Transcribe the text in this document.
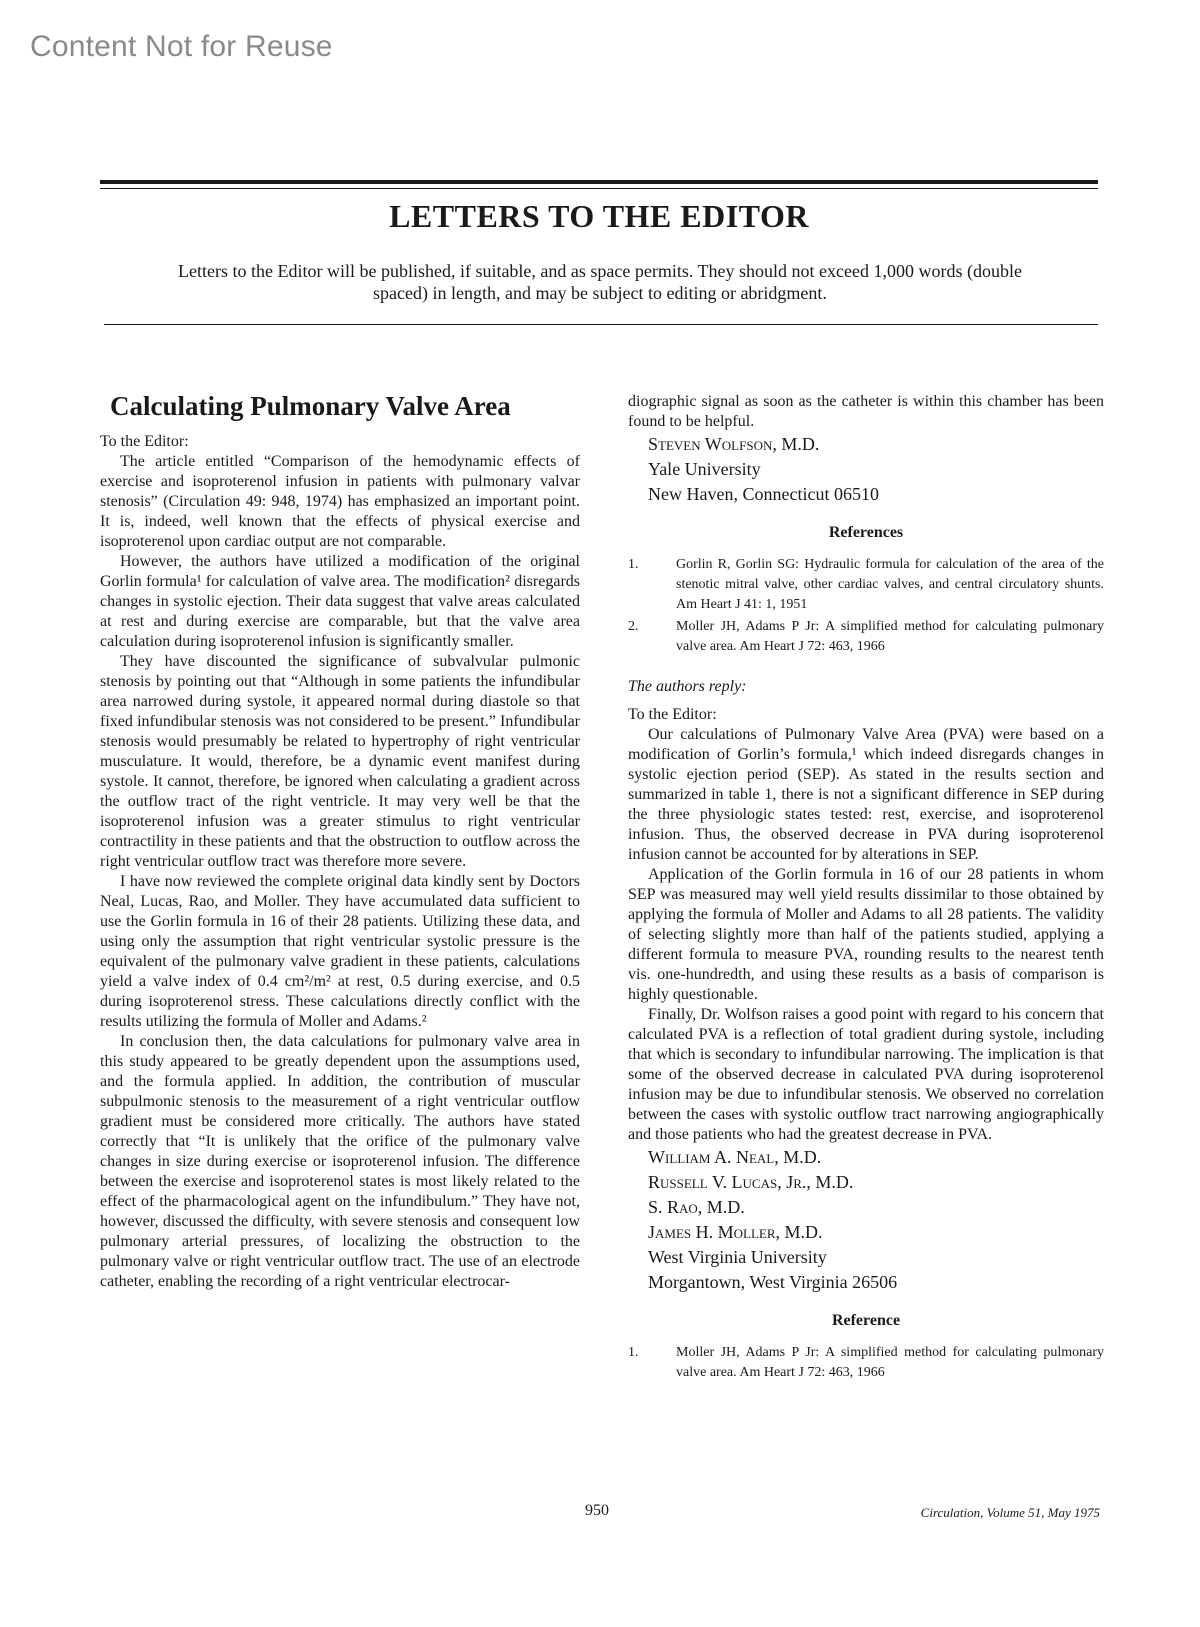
Content Not for Reuse
LETTERS TO THE EDITOR
Letters to the Editor will be published, if suitable, and as space permits. They should not exceed 1,000 words (double spaced) in length, and may be subject to editing or abridgment.
Calculating Pulmonary Valve Area

To the Editor:

The article entitled “Comparison of the hemodynamic effects of exercise and isoproterenol infusion in patients with pulmonary valvar stenosis” (Circulation 49: 948, 1974) has emphasized an important point. It is, indeed, well known that the effects of physical exercise and isoproterenol upon cardiac output are not comparable.

However, the authors have utilized a modification of the original Gorlin formula¹ for calculation of valve area. The modification² disregards changes in systolic ejection. Their data suggest that valve areas calculated at rest and during exercise are comparable, but that the valve area calculation during isoproterenol infusion is significantly smaller.

They have discounted the significance of subvalvular pulmonic stenosis by pointing out that “Although in some patients the infundibular area narrowed during systole, it appeared normal during diastole so that fixed infundibular stenosis was not considered to be present.” Infundibular stenosis would presumably be related to hypertrophy of right ventricular musculature. It would, therefore, be a dynamic event manifest during systole. It cannot, therefore, be ignored when calculating a gradient across the outflow tract of the right ventricle. It may very well be that the isoproterenol infusion was a greater stimulus to right ventricular contractility in these patients and that the obstruction to outflow across the right ventricular outflow tract was therefore more severe.

I have now reviewed the complete original data kindly sent by Doctors Neal, Lucas, Rao, and Moller. They have accumulated data sufficient to use the Gorlin formula in 16 of their 28 patients. Utilizing these data, and using only the assumption that right ventricular systolic pressure is the equivalent of the pulmonary valve gradient in these patients, calculations yield a valve index of 0.4 cm²/m² at rest, 0.5 during exercise, and 0.5 during isoproterenol stress. These calculations directly conflict with the results utilizing the formula of Moller and Adams.²

In conclusion then, the data calculations for pulmonary valve area in this study appeared to be greatly dependent upon the assumptions used, and the formula applied. In addition, the contribution of muscular subpulmonic stenosis to the measurement of a right ventricular outflow gradient must be considered more critically. The authors have stated correctly that “It is unlikely that the orifice of the pulmonary valve changes in size during exercise or isoproterenol infusion. The difference between the exercise and isoproterenol states is most likely related to the effect of the pharmacological agent on the infundibulum.” They have not, however, discussed the difficulty, with severe stenosis and consequent low pulmonary arterial pressures, of localizing the obstruction to the pulmonary valve or right ventricular outflow tract. The use of an electrode catheter, enabling the recording of a right ventricular electrocar-

diographic signal as soon as the catheter is within this chamber has been found to be helpful.

Steven Wolfson, M.D.

Yale University

New Haven, Connecticut 06510

References
1.	Gorlin R, Gorlin SG: Hydraulic formula for calculation of the area of the stenotic mitral valve, other cardiac valves, and central circulatory shunts. Am Heart J 41: 1, 1951
2.	Moller JH, Adams P Jr: A simplified method for calculating pulmonary valve area. Am Heart J 72: 463, 1966
The authors reply:

To the Editor:

Our calculations of Pulmonary Valve Area (PVA) were based on a modification of Gorlin’s formula,¹ which indeed disregards changes in systolic ejection period (SEP). As stated in the results section and summarized in table 1, there is not a significant difference in SEP during the three physiologic states tested: rest, exercise, and isoproterenol infusion. Thus, the observed decrease in PVA during isoproterenol infusion cannot be accounted for by alterations in SEP.

Application of the Gorlin formula in 16 of our 28 patients in whom SEP was measured may well yield results dissimilar to those obtained by applying the formula of Moller and Adams to all 28 patients. The validity of selecting slightly more than half of the patients studied, applying a different formula to measure PVA, rounding results to the nearest tenth vis. one-hundredth, and using these results as a basis of comparison is highly questionable.

Finally, Dr. Wolfson raises a good point with regard to his concern that calculated PVA is a reflection of total gradient during systole, including that which is secondary to infundibular narrowing. The implication is that some of the observed decrease in calculated PVA during isoproterenol infusion may be due to infundibular stenosis. We observed no correlation between the cases with systolic outflow tract narrowing angiographically and those patients who had the greatest decrease in PVA.

William A. Neal, M.D.

Russell V. Lucas, Jr., M.D.

S. Rao, M.D.

James H. Moller, M.D.

West Virginia University

Morgantown, West Virginia 26506

Reference
1.	Moller JH, Adams P Jr: A simplified method for calculating pulmonary valve area. Am Heart J 72: 463, 1966
950	Circulation, Volume 51, May 1975
